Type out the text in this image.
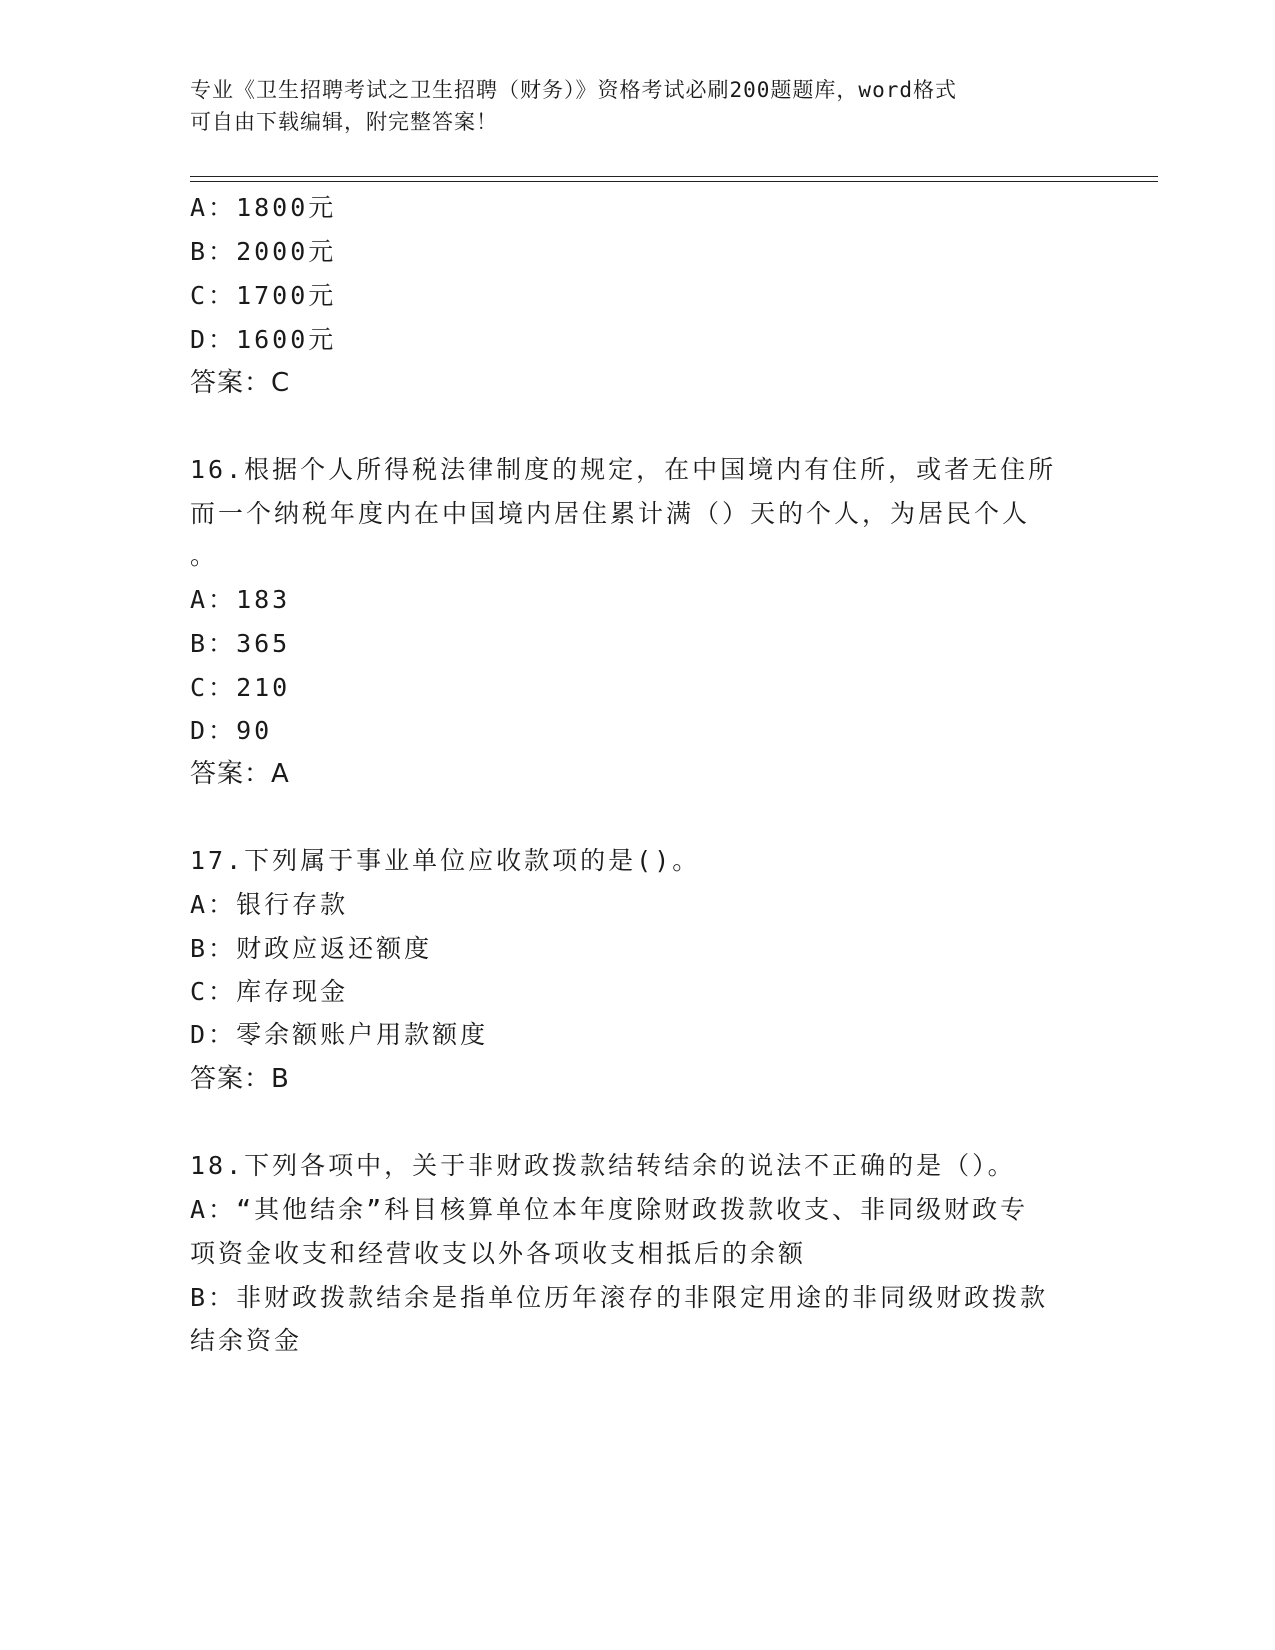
专业《卫生招聘考试之卫生招聘（财务）》资格考试必刷200题题库，word格式
可自由下载编辑，附完整答案！
A：1800元
B：2000元
C：1700元
D：1600元
答案：C
16.根据个人所得税法律制度的规定，在中国境内有住所，或者无住所
而一个纳税年度内在中国境内居住累计满（）天的个人，为居民个人
。
A：183
B：365
C：210
D：90
答案：A
17.下列属于事业单位应收款项的是()。
A：银行存款
B：财政应返还额度
C：库存现金
D：零余额账户用款额度
答案：B
18.下列各项中，关于非财政拨款结转结余的说法不正确的是（）。
A：“其他结余”科目核算单位本年度除财政拨款收支、非同级财政专
项资金收支和经营收支以外各项收支相抵后的余额
B：非财政拨款结余是指单位历年滚存的非限定用途的非同级财政拨款
结余资金
